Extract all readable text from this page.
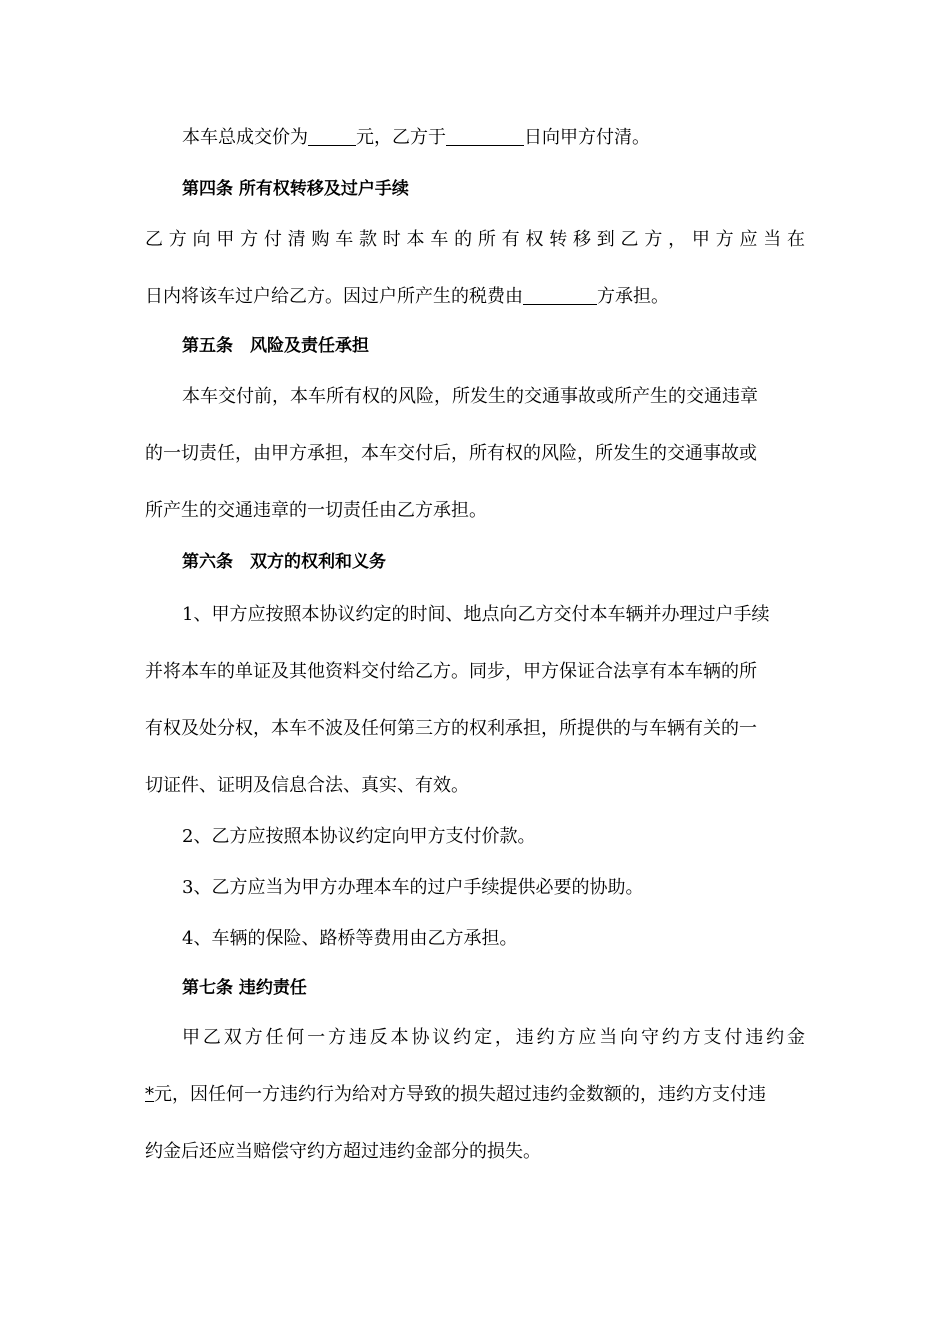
本车总成交价为	元，乙方于	日向甲方付清。
第四条 所有权转移及过户手续
乙方向甲方付清购车款时本车的所有权转移到乙方，甲方应当在
日内将该车过户给乙方。因过户所产生的税费由	方承担。
第五条　风险及责任承担
本车交付前，本车所有权的风险，所发生的交通事故或所产生的交通违章
的一切责任，由甲方承担，本车交付后，所有权的风险，所发生的交通事故或
所产生的交通违章的一切责任由乙方承担。
第六条　双方的权利和义务
1、甲方应按照本协议约定的时间、地点向乙方交付本车辆并办理过户手续
并将本车的单证及其他资料交付给乙方。同步，甲方保证合法享有本车辆的所
有权及处分权，本车不波及任何第三方的权利承担，所提供的与车辆有关的一
切证件、证明及信息合法、真实、有效。
2、乙方应按照本协议约定向甲方支付价款。
3、乙方应当为甲方办理本车的过户手续提供必要的协助。
4、车辆的保险、路桥等费用由乙方承担。
第七条 违约责任
甲乙双方任何一方违反本协议约定，违约方应当向守约方支付违约金
*元，因任何一方违约行为给对方导致的损失超过违约金数额的，违约方支付违
约金后还应当赔偿守约方超过违约金部分的损失。
